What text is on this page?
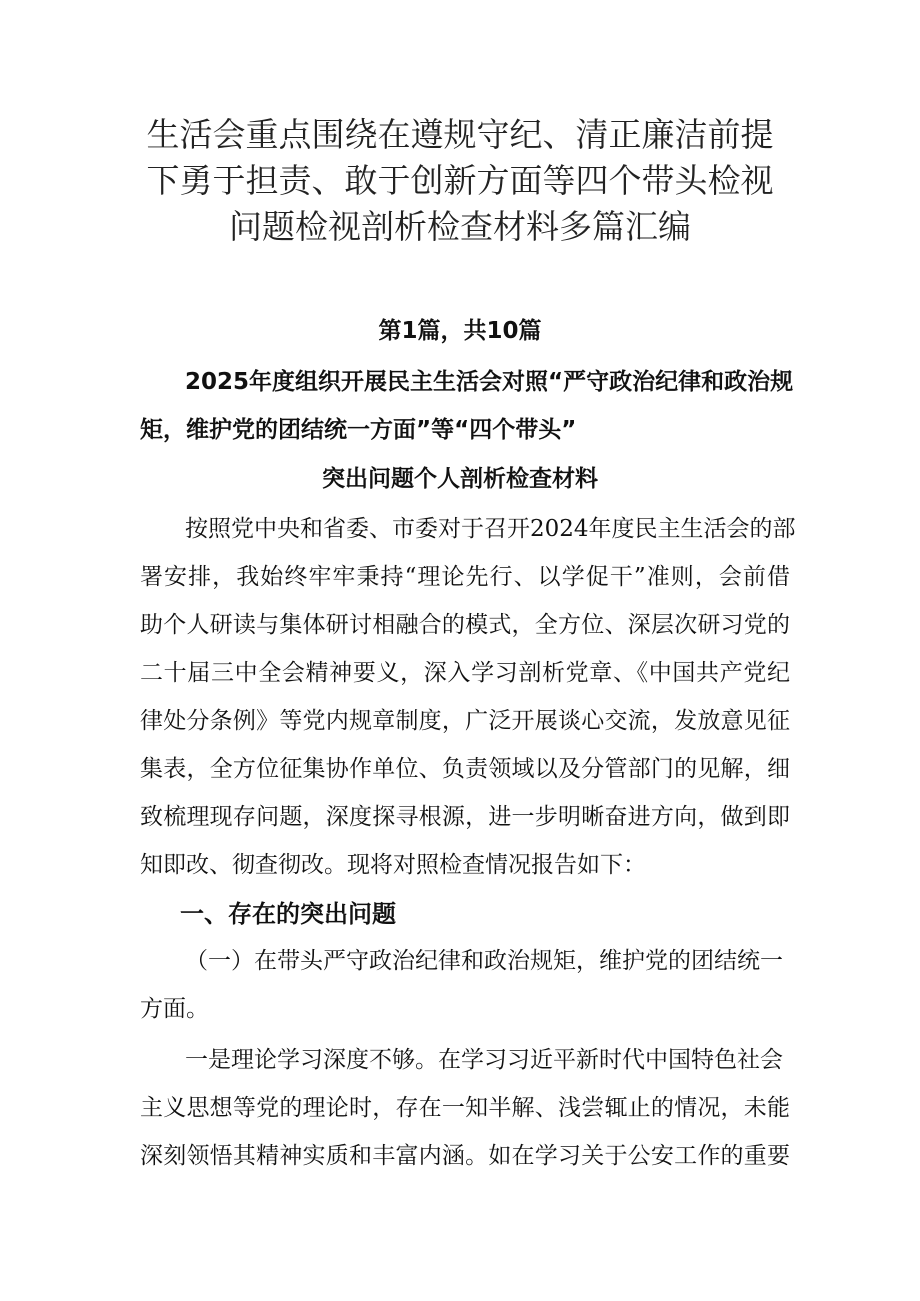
生活会重点围绕在遵规守纪、清正廉洁前提
下勇于担责、敢于创新方面等四个带头检视
问题检视剖析检查材料多篇汇编

第1篇，共10篇

2025年度组织开展民主生活会对照“严守政治纪律和政治规

矩，维护党的团结统一方面”等“四个带头”

突出问题个人剖析检查材料

按照党中央和省委、市委对于召开2024年度民主生活会的部

署安排，我始终牢牢秉持“理论先行、以学促干”准则，会前借

助个人研读与集体研讨相融合的模式，全方位、深层次研习党的

二十届三中全会精神要义，深入学习剖析党章、《中国共产党纪

律处分条例》等党内规章制度，广泛开展谈心交流，发放意见征

集表，全方位征集协作单位、负责领域以及分管部门的见解，细

致梳理现存问题，深度探寻根源，进一步明晰奋进方向，做到即

知即改、彻查彻改。现将对照检查情况报告如下：

一、存在的突出问题

（一）在带头严守政治纪律和政治规矩，维护党的团结统一

方面。

一是理论学习深度不够。在学习习近平新时代中国特色社会

主义思想等党的理论时，存在一知半解、浅尝辄止的情况，未能

深刻领悟其精神实质和丰富内涵。如在学习关于公安工作的重要
